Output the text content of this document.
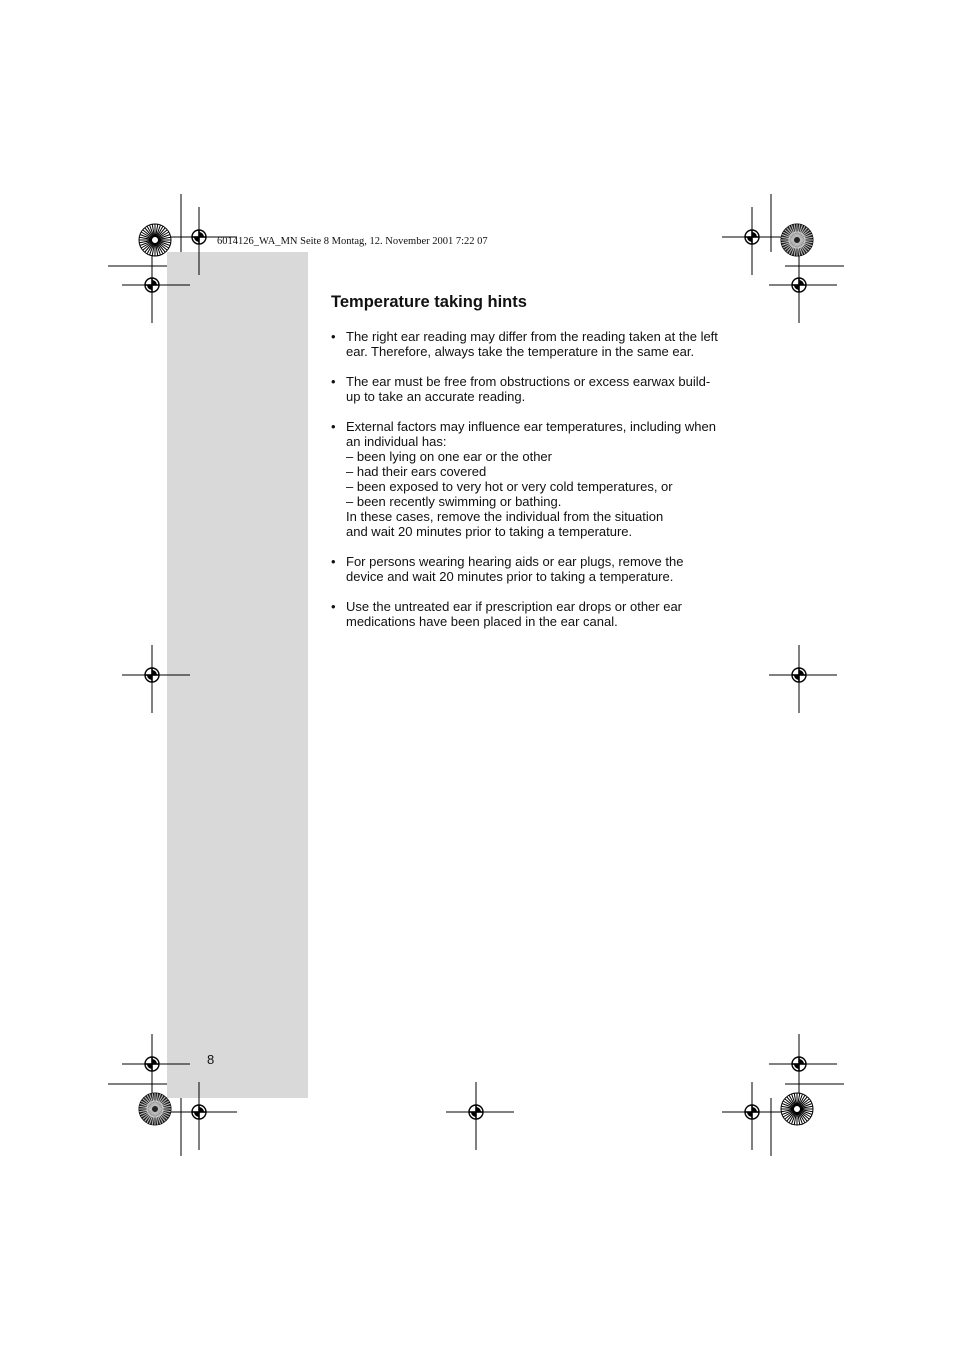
6014126_WA_MN Seite 8 Montag, 12. November 2001 7:22 07
Temperature taking hints
• The right ear reading may differ from the reading taken at the left
ear. Therefore, always take the temperature in the same ear.
• The ear must be free from obstructions or excess earwax build-
up to take an accurate reading.
• External factors may influence ear temperatures, including when
an individual has:
– been lying on one ear or the other
– had their ears covered
– been exposed to very hot or very cold temperatures, or
– been recently swimming or bathing.
In these cases, remove the individual from the situation
and wait 20 minutes prior to taking a temperature.
• For persons wearing hearing aids or ear plugs, remove the
device and wait 20 minutes prior to taking a temperature.
• Use the untreated ear if prescription ear drops or other ear
medications have been placed in the ear canal.
8
